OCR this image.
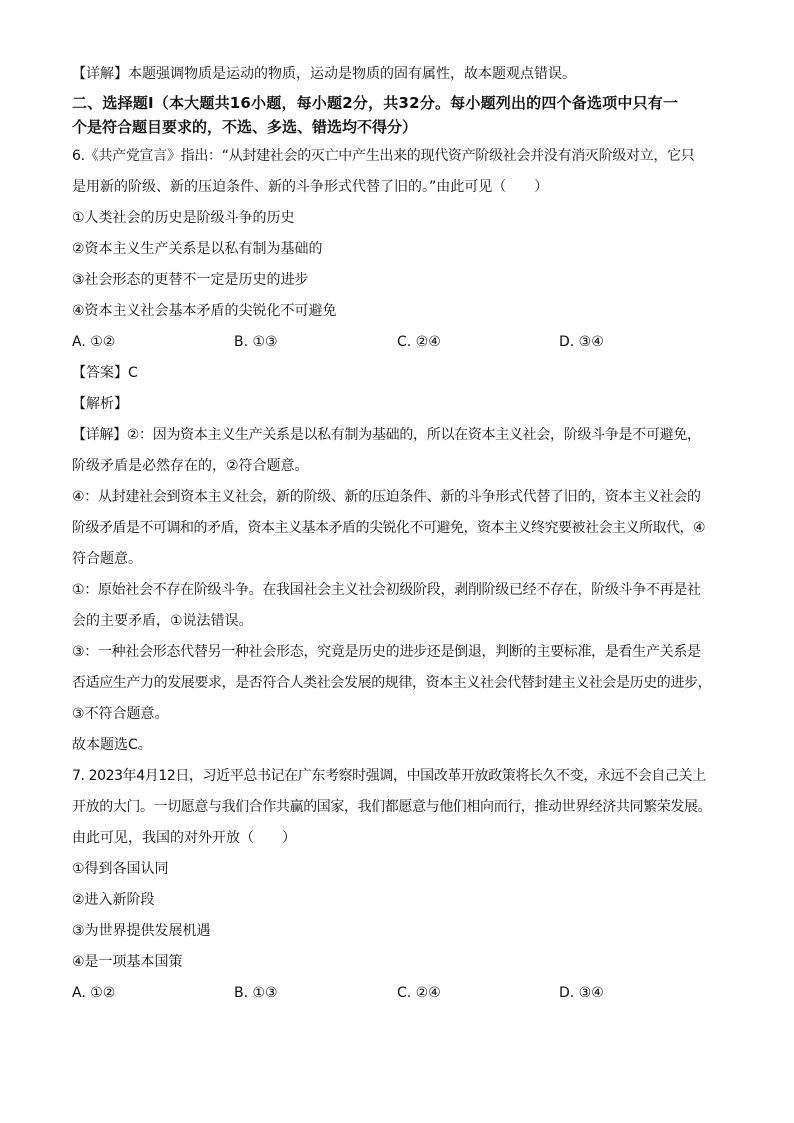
【详解】本题强调物质是运动的物质，运动是物质的固有属性，故本题观点错误。
二、选择题Ⅰ（本大题共16小题，每小题2分，共32分。每小题列出的四个备选项中只有一
个是符合题目要求的，不选、多选、错选均不得分）
6.《共产党宣言》指出：“从封建社会的灭亡中产生出来的现代资产阶级社会并没有消灭阶级对立，它只
是用新的阶级、新的压迫条件、新的斗争形式代替了旧的。”由此可见（　　）
①人类社会的历史是阶级斗争的历史
②资本主义生产关系是以私有制为基础的
③社会形态的更替不一定是历史的进步
④资本主义社会基本矛盾的尖锐化不可避免
A. ①②	B. ①③	C. ②④	D. ③④
【答案】C
【解析】
【详解】②：因为资本主义生产关系是以私有制为基础的，所以在资本主义社会，阶级斗争是不可避免，
阶级矛盾是必然存在的，②符合题意。
④：从封建社会到资本主义社会，新的阶级、新的压迫条件、新的斗争形式代替了旧的，资本主义社会的
阶级矛盾是不可调和的矛盾，资本主义基本矛盾的尖锐化不可避免，资本主义终究要被社会主义所取代，④
符合题意。
①：原始社会不存在阶级斗争。在我国社会主义社会初级阶段，剥削阶级已经不存在，阶级斗争不再是社
会的主要矛盾，①说法错误。
③：一种社会形态代替另一种社会形态，究竟是历史的进步还是倒退，判断的主要标准，是看生产关系是
否适应生产力的发展要求，是否符合人类社会发展的规律，资本主义社会代替封建主义社会是历史的进步，
③不符合题意。
故本题选C。
7. 2023年4月12日，习近平总书记在广东考察时强调，中国改革开放政策将长久不变，永远不会自己关上
开放的大门。一切愿意与我们合作共赢的国家，我们都愿意与他们相向而行，推动世界经济共同繁荣发展。
由此可见，我国的对外开放（　　）
①得到各国认同
②进入新阶段
③为世界提供发展机遇
④是一项基本国策
A. ①②	B. ①③	C. ②④	D. ③④
